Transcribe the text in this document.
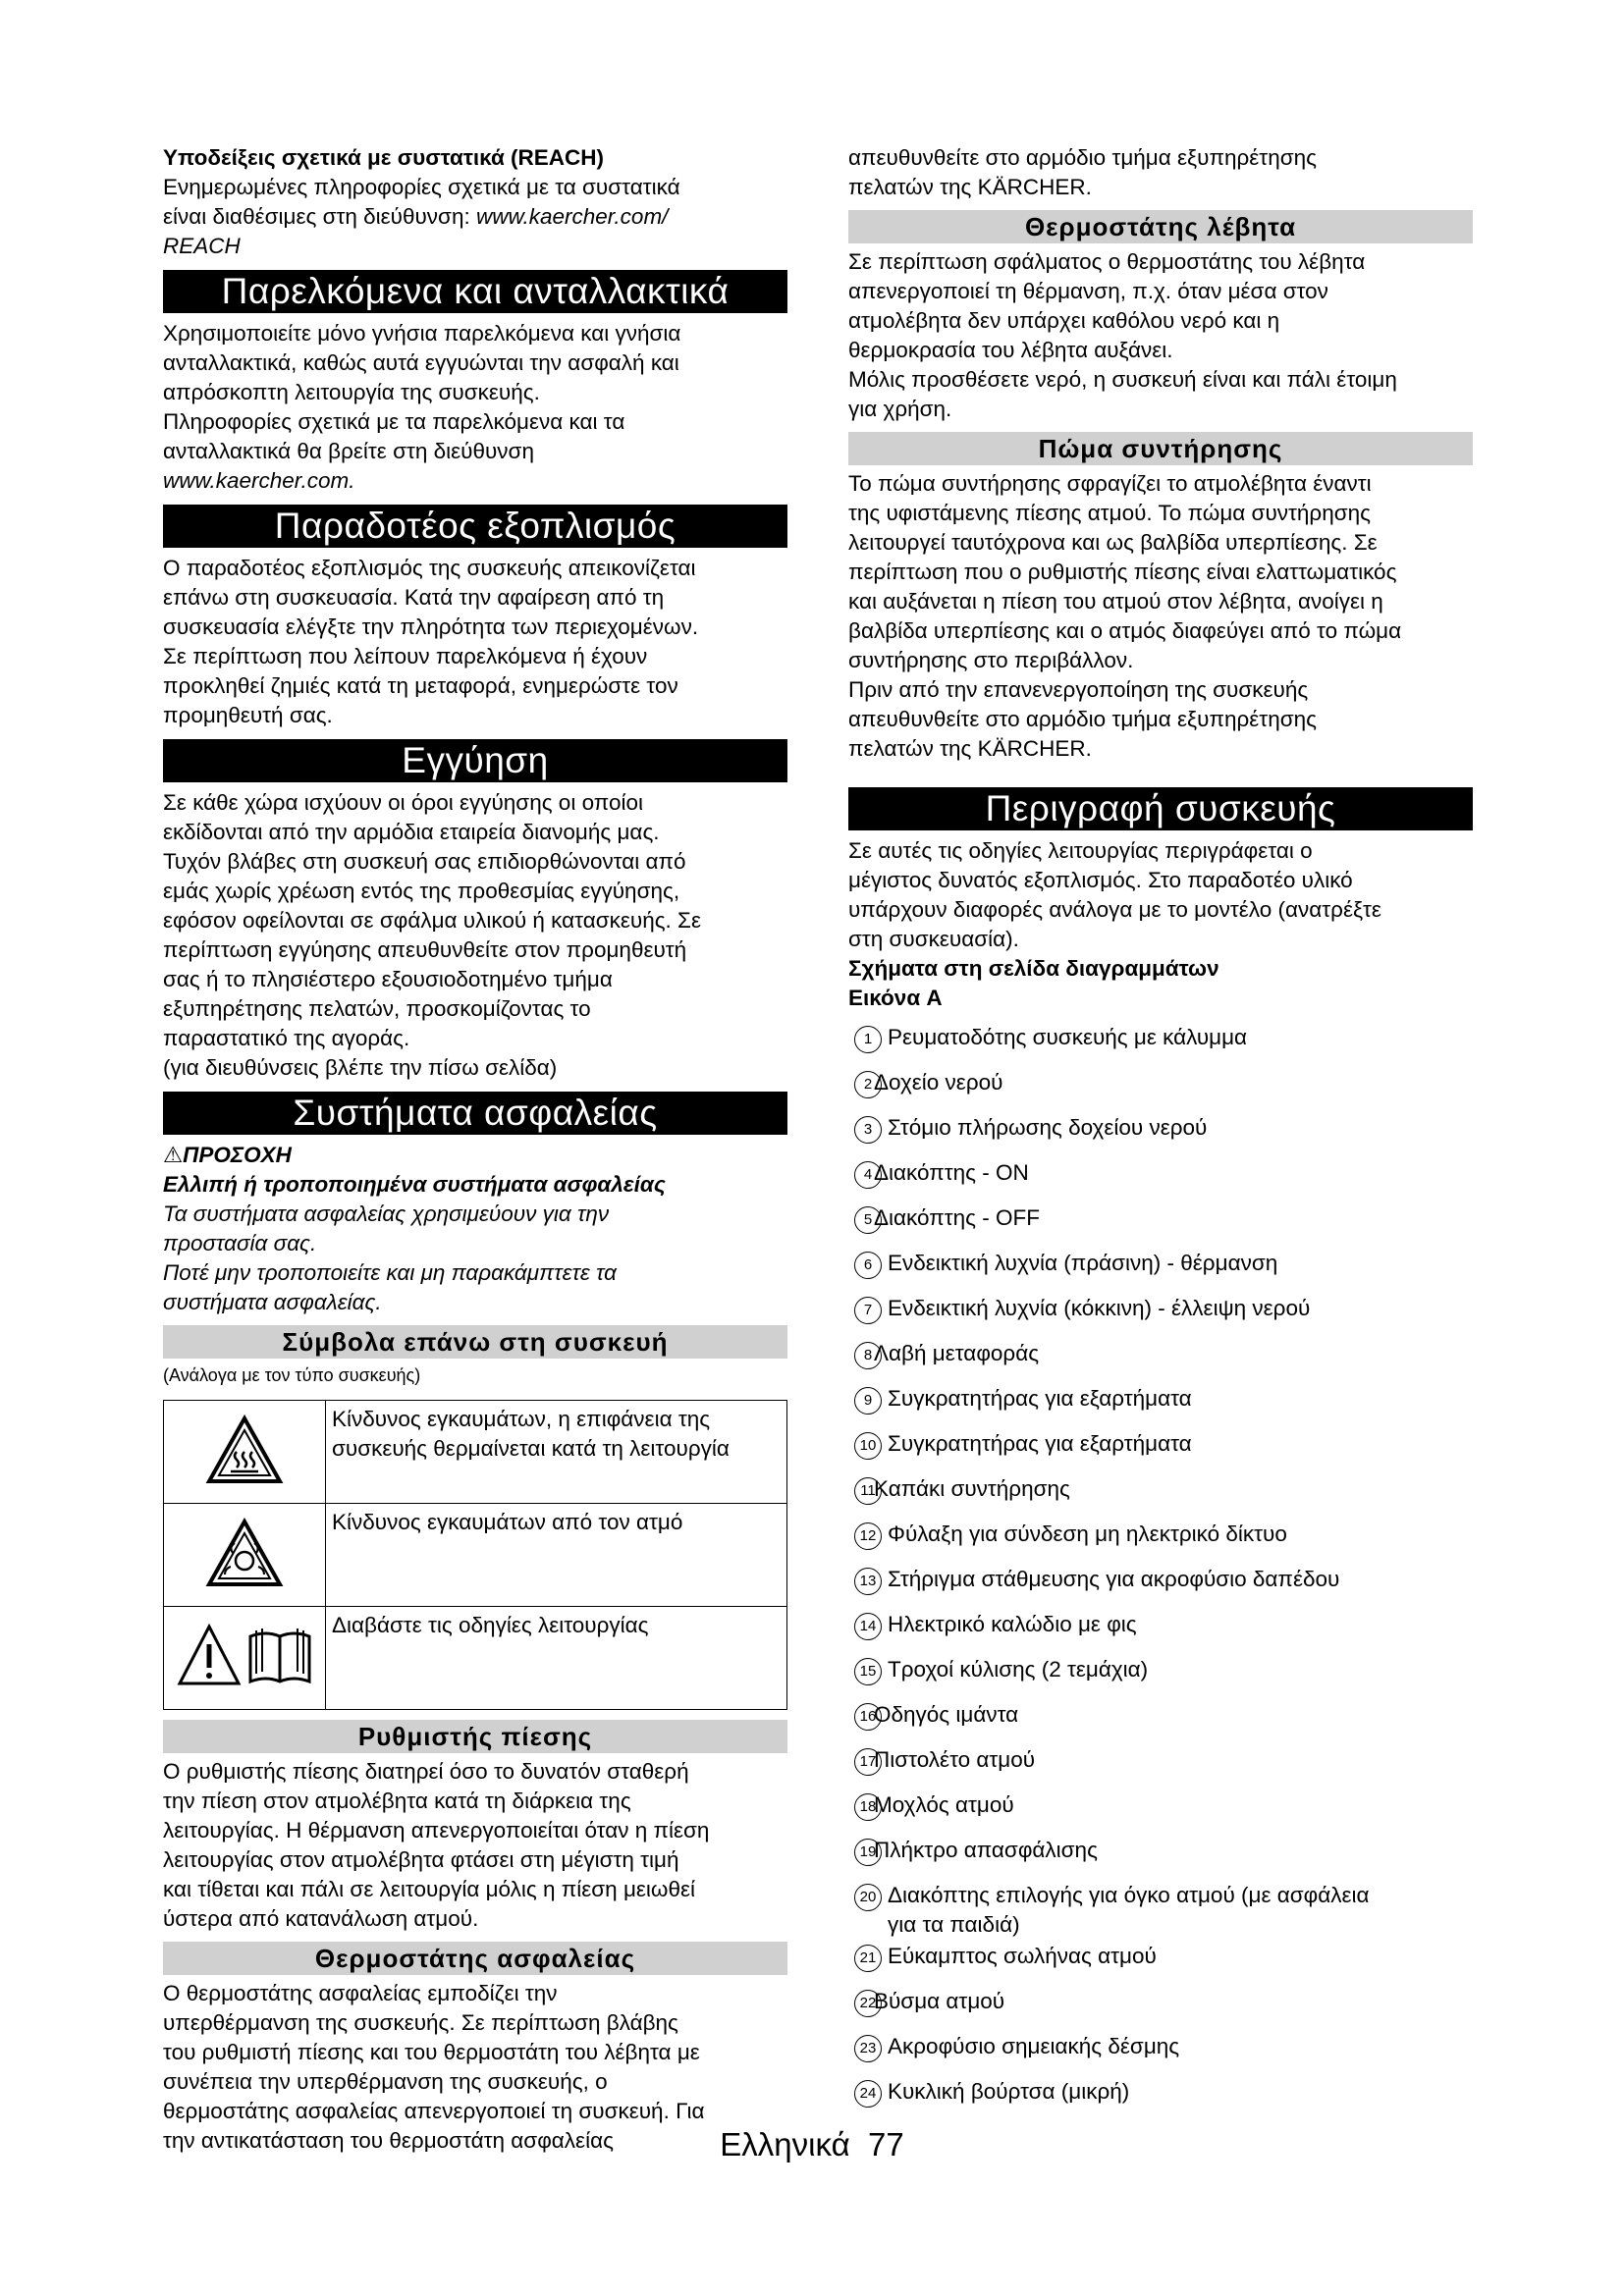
Υποδείξεις σχετικά με συστατικά (REACH)

Ενημερωμένες πληροφορίες σχετικά με τα συστατικά

είναι διαθέσιμες στη διεύθυνση: www.kaercher.com/

REACH

Παρελκόμενα και ανταλλακτικά

Χρησιμοποιείτε μόνο γνήσια παρελκόμενα και γνήσια

ανταλλακτικά, καθώς αυτά εγγυώνται την ασφαλή και

απρόσκοπτη λειτουργία της συσκευής.

Πληροφορίες σχετικά με τα παρελκόμενα και τα

ανταλλακτικά θα βρείτε στη διεύθυνση

www.kaercher.com.

Παραδοτέος εξοπλισμός

Ο παραδοτέος εξοπλισμός της συσκευής απεικονίζεται

επάνω στη συσκευασία. Κατά την αφαίρεση από τη

συσκευασία ελέγξτε την πληρότητα των περιεχομένων.

Σε περίπτωση που λείπουν παρελκόμενα ή έχουν

προκληθεί ζημιές κατά τη μεταφορά, ενημερώστε τον

προμηθευτή σας.

Εγγύηση

Σε κάθε χώρα ισχύουν οι όροι εγγύησης οι οποίοι

εκδίδονται από την αρμόδια εταιρεία διανομής μας.

Τυχόν βλάβες στη συσκευή σας επιδιορθώνονται από

εμάς χωρίς χρέωση εντός της προθεσμίας εγγύησης,

εφόσον οφείλονται σε σφάλμα υλικού ή κατασκευής. Σε

περίπτωση εγγύησης απευθυνθείτε στον προμηθευτή

σας ή το πλησιέστερο εξουσιοδοτημένο τμήμα

εξυπηρέτησης πελατών, προσκομίζοντας το

παραστατικό της αγοράς.

(για διευθύνσεις βλέπε την πίσω σελίδα)

Συστήματα ασφαλείας

⚠ΠΡΟΣΟΧΗ

Ελλιπή ή τροποποιημένα συστήματα ασφαλείας

Τα συστήματα ασφαλείας χρησιμεύουν για την

προστασία σας.

Ποτέ μην τροποποιείτε και μη παρακάμπτετε τα

συστήματα ασφαλείας.

Σύμβολα επάνω στη συσκευή

(Ανάλογα με τον τύπο συσκευής)

	Κίνδυνος εγκαυμάτων, η επιφάνεια της συσκευής θερμαίνεται κατά τη λειτουργία
	Κίνδυνος εγκαυμάτων από τον ατμό
	Διαβάστε τις οδηγίες λειτουργίας
Ρυθμιστής πίεσης

Ο ρυθμιστής πίεσης διατηρεί όσο το δυνατόν σταθερή

την πίεση στον ατμολέβητα κατά τη διάρκεια της

λειτουργίας. Η θέρμανση απενεργοποιείται όταν η πίεση

λειτουργίας στον ατμολέβητα φτάσει στη μέγιστη τιμή

και τίθεται και πάλι σε λειτουργία μόλις η πίεση μειωθεί

ύστερα από κατανάλωση ατμού.

Θερμοστάτης ασφαλείας

Ο θερμοστάτης ασφαλείας εμποδίζει την

υπερθέρμανση της συσκευής. Σε περίπτωση βλάβης

του ρυθμιστή πίεσης και του θερμοστάτη του λέβητα με

συνέπεια την υπερθέρμανση της συσκευής, ο

θερμοστάτης ασφαλείας απενεργοποιεί τη συσκευή. Για

την αντικατάσταση του θερμοστάτη ασφαλείας

απευθυνθείτε στο αρμόδιο τμήμα εξυπηρέτησης

πελατών της KÄRCHER.

Θερμοστάτης λέβητα

Σε περίπτωση σφάλματος ο θερμοστάτης του λέβητα

απενεργοποιεί τη θέρμανση, π.χ. όταν μέσα στον

ατμολέβητα δεν υπάρχει καθόλου νερό και η

θερμοκρασία του λέβητα αυξάνει.

Μόλις προσθέσετε νερό, η συσκευή είναι και πάλι έτοιμη

για χρήση.

Πώμα συντήρησης

Το πώμα συντήρησης σφραγίζει το ατμολέβητα έναντι

της υφιστάμενης πίεσης ατμού. Το πώμα συντήρησης

λειτουργεί ταυτόχρονα και ως βαλβίδα υπερπίεσης. Σε

περίπτωση που ο ρυθμιστής πίεσης είναι ελαττωματικός

και αυξάνεται η πίεση του ατμού στον λέβητα, ανοίγει η

βαλβίδα υπερπίεσης και ο ατμός διαφεύγει από το πώμα

συντήρησης στο περιβάλλον.

Πριν από την επανενεργοποίηση της συσκευής

απευθυνθείτε στο αρμόδιο τμήμα εξυπηρέτησης

πελατών της KÄRCHER.

Περιγραφή συσκευής

Σε αυτές τις οδηγίες λειτουργίας περιγράφεται ο

μέγιστος δυνατός εξοπλισμός. Στο παραδοτέο υλικό

υπάρχουν διαφορές ανάλογα με το μοντέλο (ανατρέξτε

στη συσκευασία).

Σχήματα στη σελίδα διαγραμμάτων

Εικόνα A

1 Ρευματοδότης συσκευής με κάλυμμα
2 Δοχείο νερού
3 Στόμιο πλήρωσης δοχείου νερού
4 Διακόπτης - ON
5 Διακόπτης - OFF
6 Ενδεικτική λυχνία (πράσινη) - θέρμανση
7 Ενδεικτική λυχνία (κόκκινη) - έλλειψη νερού
8 Λαβή μεταφοράς
9 Συγκρατητήρας για εξαρτήματα
10 Συγκρατητήρας για εξαρτήματα
11
Καπάκι συντήρησης
12 Φύλαξη για σύνδεση μη ηλεκτρικό δίκτυο
13 Στήριγμα στάθμευσης για ακροφύσιο δαπέδου
14 Ηλεκτρικό καλώδιο με φις
15 Τροχοί κύλισης (2 τεμάχια)
16
Οδηγός ιμάντα
17
Πιστολέτο ατμού
18
Μοχλός ατμού
19
Πλήκτρο απασφάλισης
20 Διακόπτης επιλογής για όγκο ατμού (με ασφάλεια
για τα παιδιά)
21 Εύκαμπτος σωλήνας ατμού
22
Βύσμα ατμού
23 Ακροφύσιο σημειακής δέσμης
24 Κυκλική βούρτσα (μικρή)
Ελληνικά 77
